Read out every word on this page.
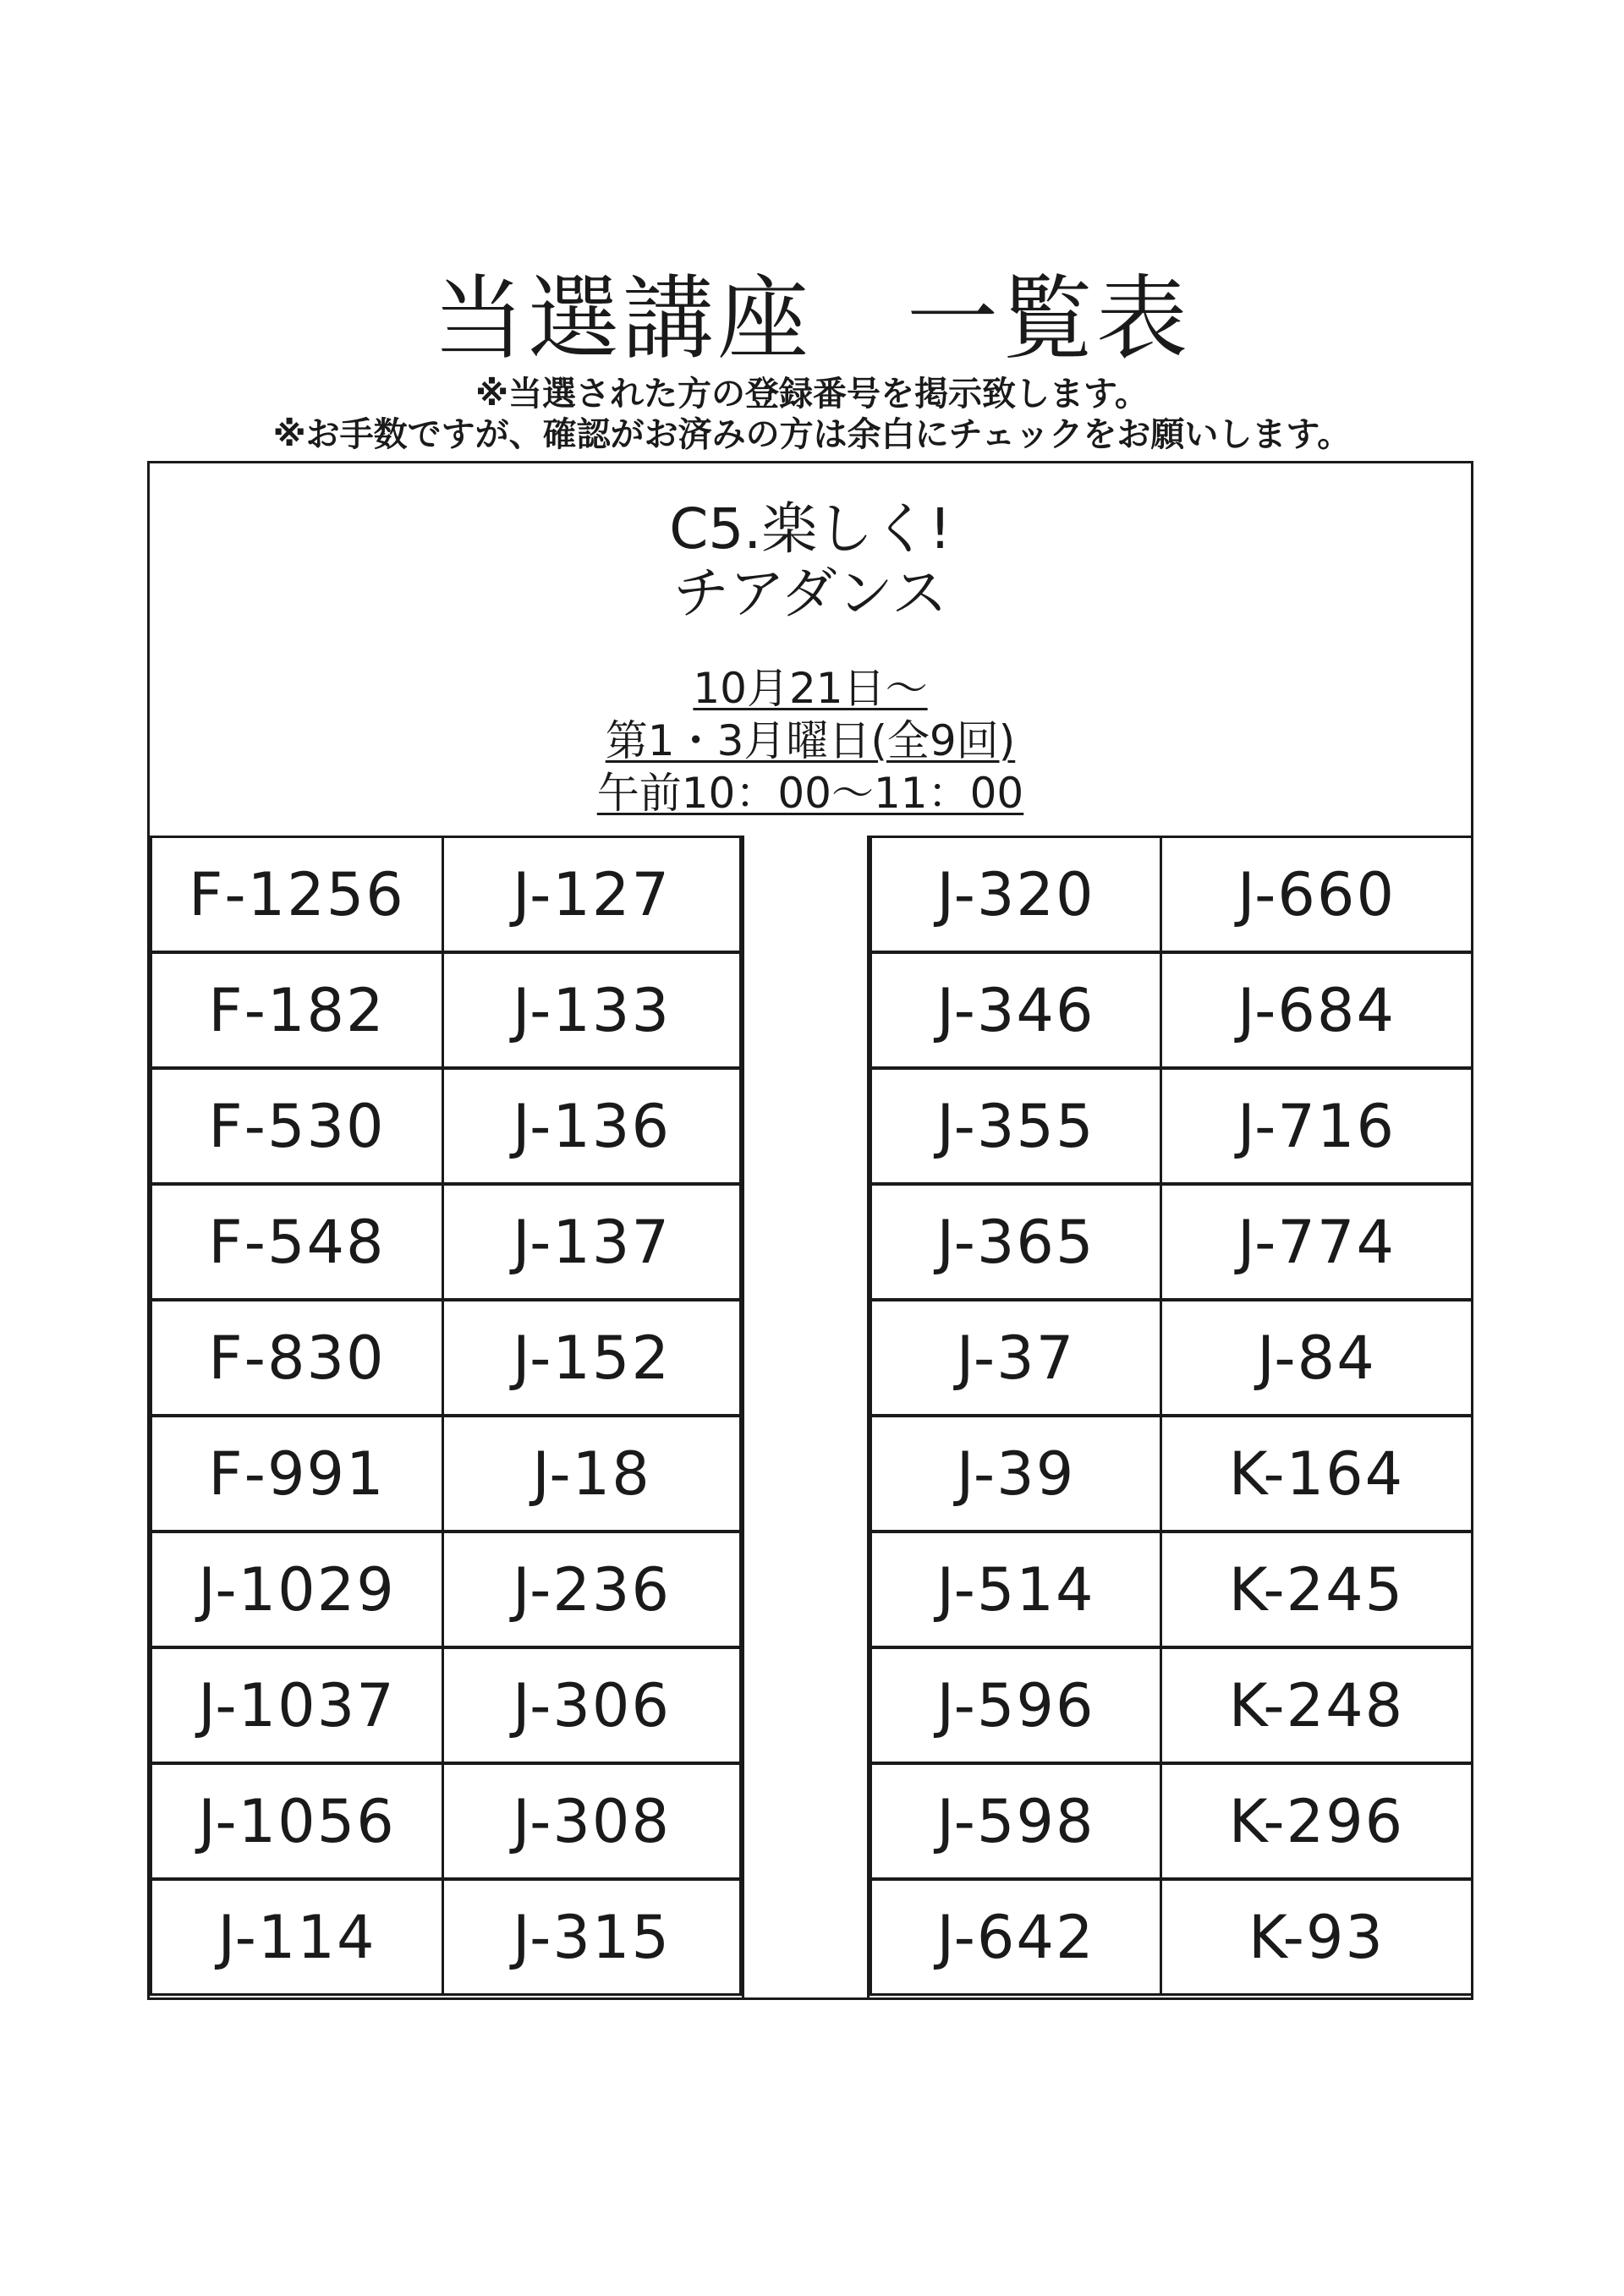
当選講座　一覧表
※当選された方の登録番号を掲示致します。
※お手数ですが、確認がお済みの方は余白にチェックをお願いします。
C5.楽しく!
チアダンス
10月21日〜
第1・3月曜日(全9回)
午前10：00〜11：00
F-1256	J-127
F-182	J-133
F-530	J-136
F-548	J-137
F-830	J-152
F-991	J-18
J-1029	J-236
J-1037	J-306
J-1056	J-308
J-114	J-315
J-320	J-660
J-346	J-684
J-355	J-716
J-365	J-774
J-37	J-84
J-39	K-164
J-514	K-245
J-596	K-248
J-598	K-296
J-642	K-93
